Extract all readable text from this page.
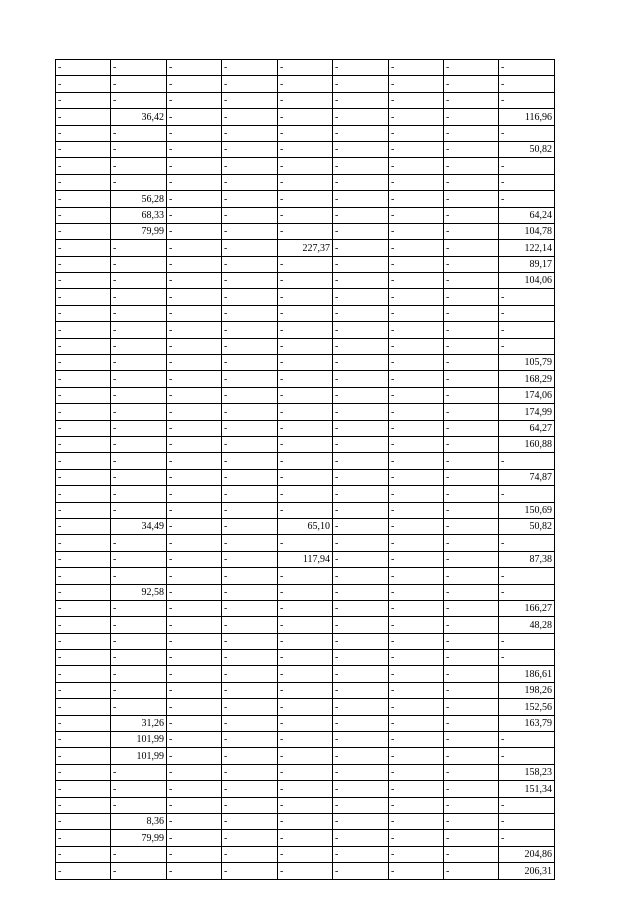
-	-	-	-	-	-	-	-	-
-	-	-	-	-	-	-	-	-
-	-	-	-	-	-	-	-	-
-	36,42	-	-	-	-	-	-	116,96
-	-	-	-	-	-	-	-	-
-	-	-	-	-	-	-	-	50,82
-	-	-	-	-	-	-	-	-
-	-	-	-	-	-	-	-	-
-	56,28	-	-	-	-	-	-	-
-	68,33	-	-	-	-	-	-	64,24
-	79,99	-	-	-	-	-	-	104,78
-	-	-	-	227,37	-	-	-	122,14
-	-	-	-	-	-	-	-	89,17
-	-	-	-	-	-	-	-	104,06
-	-	-	-	-	-	-	-	-
-	-	-	-	-	-	-	-	-
-	-	-	-	-	-	-	-	-
-	-	-	-	-	-	-	-	-
-	-	-	-	-	-	-	-	105,79
-	-	-	-	-	-	-	-	168,29
-	-	-	-	-	-	-	-	174,06
-	-	-	-	-	-	-	-	174,99
-	-	-	-	-	-	-	-	64,27
-	-	-	-	-	-	-	-	160,88
-	-	-	-	-	-	-	-	-
-	-	-	-	-	-	-	-	74,87
-	-	-	-	-	-	-	-	-
-	-	-	-	-	-	-	-	150,69
-	34,49	-	-	65,10	-	-	-	50,82
-	-	-	-	-	-	-	-	-
-	-	-	-	117,94	-	-	-	87,38
-	-	-	-	-	-	-	-	-
-	92,58	-	-	-	-	-	-	-
-	-	-	-	-	-	-	-	166,27
-	-	-	-	-	-	-	-	48,28
-	-	-	-	-	-	-	-	-
-	-	-	-	-	-	-	-	-
-	-	-	-	-	-	-	-	186,61
-	-	-	-	-	-	-	-	198,26
-	-	-	-	-	-	-	-	152,56
-	31,26	-	-	-	-	-	-	163,79
-	101,99	-	-	-	-	-	-	-
-	101,99	-	-	-	-	-	-	-
-	-	-	-	-	-	-	-	158,23
-	-	-	-	-	-	-	-	151,34
-	-	-	-	-	-	-	-	-
-	8,36	-	-	-	-	-	-	-
-	79,99	-	-	-	-	-	-	-
-	-	-	-	-	-	-	-	204,86
-	-	-	-	-	-	-	-	206,31
